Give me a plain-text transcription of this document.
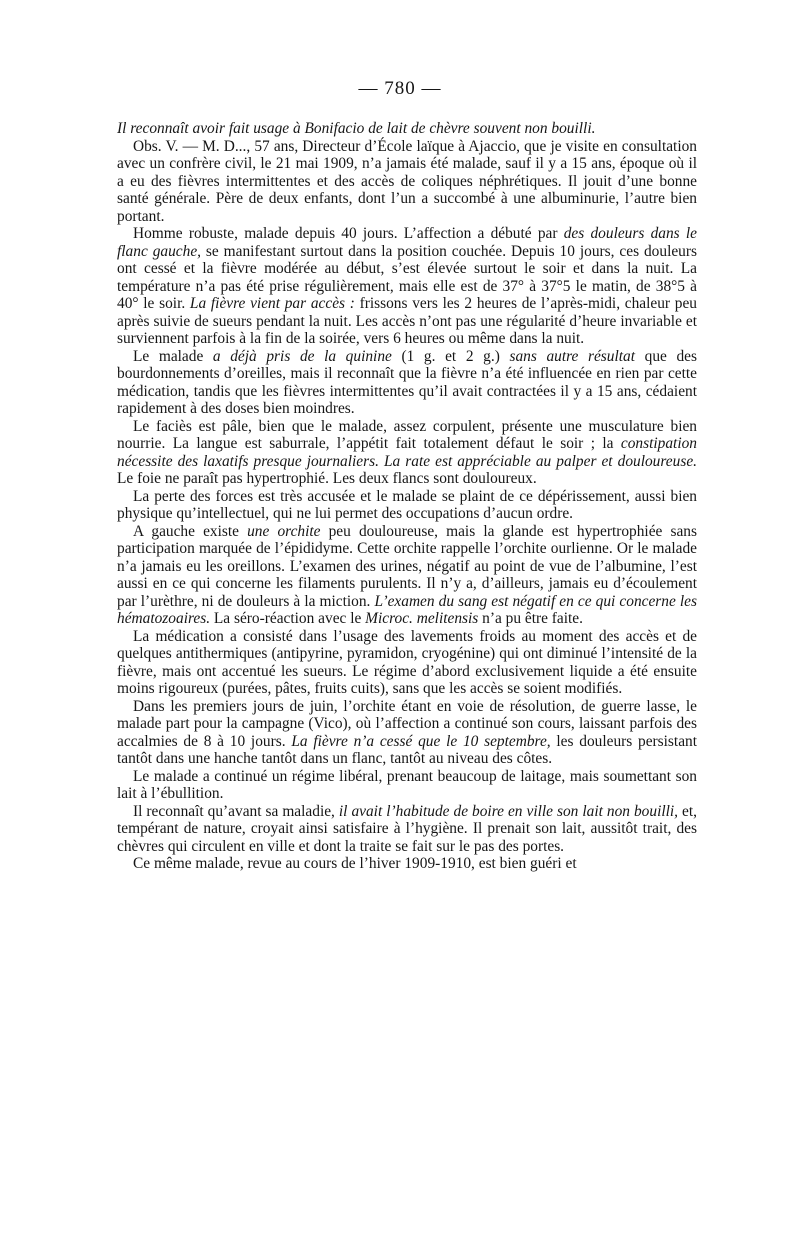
— 780 —

Il reconnaît avoir fait usage à Bonifacio de lait de chèvre souvent non bouilli.

Obs. V. — M. D..., 57 ans, Directeur d’École laïque à Ajaccio, que je visite en consultation avec un confrère civil, le 21 mai 1909, n’a jamais été malade, sauf il y a 15 ans, époque où il a eu des fièvres intermittentes et des accès de coliques néphrétiques. Il jouit d’une bonne santé générale. Père de deux enfants, dont l’un a succombé à une albuminurie, l’autre bien portant.

Homme robuste, malade depuis 40 jours. L’affection a débuté par des douleurs dans le flanc gauche, se manifestant surtout dans la position couchée. Depuis 10 jours, ces douleurs ont cessé et la fièvre modérée au début, s’est élevée surtout le soir et dans la nuit. La température n’a pas été prise régulièrement, mais elle est de 37° à 37°5 le matin, de 38°5 à 40° le soir. La fièvre vient par accès : frissons vers les 2 heures de l’après-midi, chaleur peu après suivie de sueurs pendant la nuit. Les accès n’ont pas une régularité d’heure invariable et surviennent parfois à la fin de la soirée, vers 6 heures ou même dans la nuit.

Le malade a déjà pris de la quinine (1 g. et 2 g.) sans autre résultat que des bourdonnements d’oreilles, mais il reconnaît que la fièvre n’a été influencée en rien par cette médication, tandis que les fièvres intermittentes qu’il avait contractées il y a 15 ans, cédaient rapidement à des doses bien moindres.

Le faciès est pâle, bien que le malade, assez corpulent, présente une musculature bien nourrie. La langue est saburrale, l’appétit fait totalement défaut le soir ; la constipation nécessite des laxatifs presque journaliers. La rate est appréciable au palper et douloureuse. Le foie ne paraît pas hypertrophié. Les deux flancs sont douloureux.

La perte des forces est très accusée et le malade se plaint de ce dépérissement, aussi bien physique qu’intellectuel, qui ne lui permet des occupations d’aucun ordre.

A gauche existe une orchite peu douloureuse, mais la glande est hypertrophiée sans participation marquée de l’épididyme. Cette orchite rappelle l’orchite ourlienne. Or le malade n’a jamais eu les oreillons. L’examen des urines, négatif au point de vue de l’albumine, l’est aussi en ce qui concerne les filaments purulents. Il n’y a, d’ailleurs, jamais eu d’écoulement par l’urèthre, ni de douleurs à la miction. L’examen du sang est négatif en ce qui concerne les hématozoaires. La séro-réaction avec le Microc. melitensis n’a pu être faite.

La médication a consisté dans l’usage des lavements froids au moment des accès et de quelques antithermiques (antipyrine, pyramidon, cryogénine) qui ont diminué l’intensité de la fièvre, mais ont accentué les sueurs. Le régime d’abord exclusivement liquide a été ensuite moins rigoureux (purées, pâtes, fruits cuits), sans que les accès se soient modifiés.

Dans les premiers jours de juin, l’orchite étant en voie de résolution, de guerre lasse, le malade part pour la campagne (Vico), où l’affection a continué son cours, laissant parfois des accalmies de 8 à 10 jours. La fièvre n’a cessé que le 10 septembre, les douleurs persistant tantôt dans une hanche tantôt dans un flanc, tantôt au niveau des côtes.

Le malade a continué un régime libéral, prenant beaucoup de laitage, mais soumettant son lait à l’ébullition.

Il reconnaît qu’avant sa maladie, il avait l’habitude de boire en ville son lait non bouilli, et, tempérant de nature, croyait ainsi satisfaire à l’hygiène. Il prenait son lait, aussitôt trait, des chèvres qui circulent en ville et dont la traite se fait sur le pas des portes.

Ce même malade, revue au cours de l’hiver 1909-1910, est bien guéri et
